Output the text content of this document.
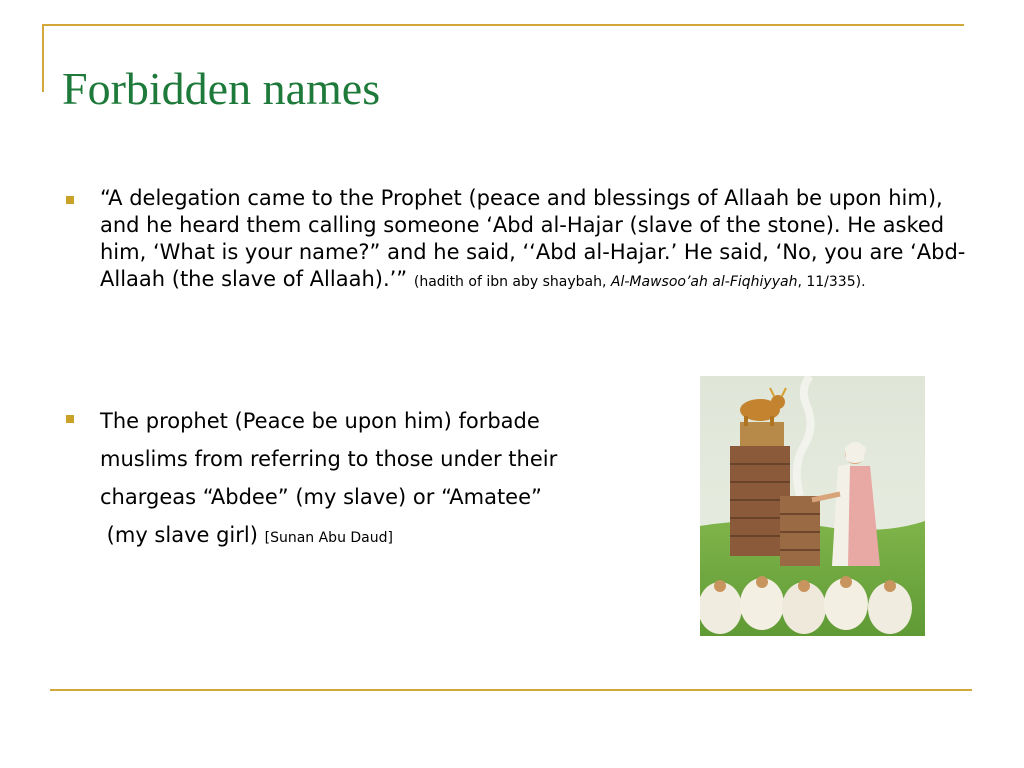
Forbidden names
“A delegation came to the Prophet (peace and blessings of Allaah be upon him), and he heard them calling someone ‘Abd al-Hajar (slave of the stone). He asked him, ‘What is your name?” and he said, ‘‘Abd al-Hajar.’ He said, ‘No, you are ‘Abd-Allaah (the slave of Allaah).’” (hadith of ibn aby shaybah, Al-Mawsoo’ah al-Fiqhiyyah, 11/335).
The prophet (Peace be upon him) forbade
muslims from referring to those under their
chargeas “Abdee” (my slave) or “Amatee”
(my slave girl) [Sunan Abu Daud]
